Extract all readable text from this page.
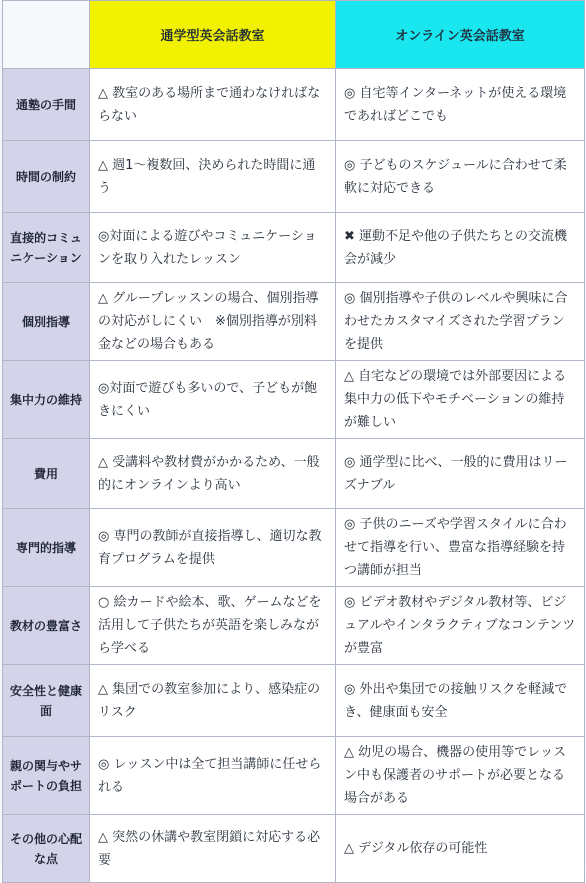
	通学型英会話教室	オンライン英会話教室
通塾の手間	△ 教室のある場所まで通わなければならない	◎ 自宅等インターネットが使える環境であればどこでも
時間の制約	△ 週1〜複数回、決められた時間に通う	◎ 子どものスケジュールに合わせて柔軟に対応できる
直接的コミュニケーション	◎対面による遊びやコミュニケーションを取り入れたレッスン	✖ 運動不足や他の子供たちとの交流機会が減少
個別指導	△ グループレッスンの場合、個別指導の対応がしにくい　※個別指導が別料金などの場合もある	◎ 個別指導や子供のレベルや興味に合わせたカスタマイズされた学習プランを提供
集中力の維持	◎対面で遊びも多いので、子どもが飽きにくい	△ 自宅などの環境では外部要因による集中力の低下やモチベーションの維持が難しい
費用	△ 受講料や教材費がかかるため、一般的にオンラインより高い	◎ 通学型に比べ、一般的に費用はリーズナブル
専門的指導	◎ 専門の教師が直接指導し、適切な教育プログラムを提供	◎ 子供のニーズや学習スタイルに合わせて指導を行い、豊富な指導経験を持つ講師が担当
教材の豊富さ	○ 絵カードや絵本、歌、ゲームなどを活用して子供たちが英語を楽しみながら学べる	◎ ビデオ教材やデジタル教材等、ビジュアルやインタラクティブなコンテンツが豊富
安全性と健康面	△ 集団での教室参加により、感染症のリスク	◎ 外出や集団での接触リスクを軽減でき、健康面も安全
親の関与やサポートの負担	◎ レッスン中は全て担当講師に任せられる	△ 幼児の場合、機器の使用等でレッスン中も保護者のサポートが必要となる場合がある
その他の心配な点	△ 突然の休講や教室閉鎖に対応する必要	△ デジタル依存の可能性
